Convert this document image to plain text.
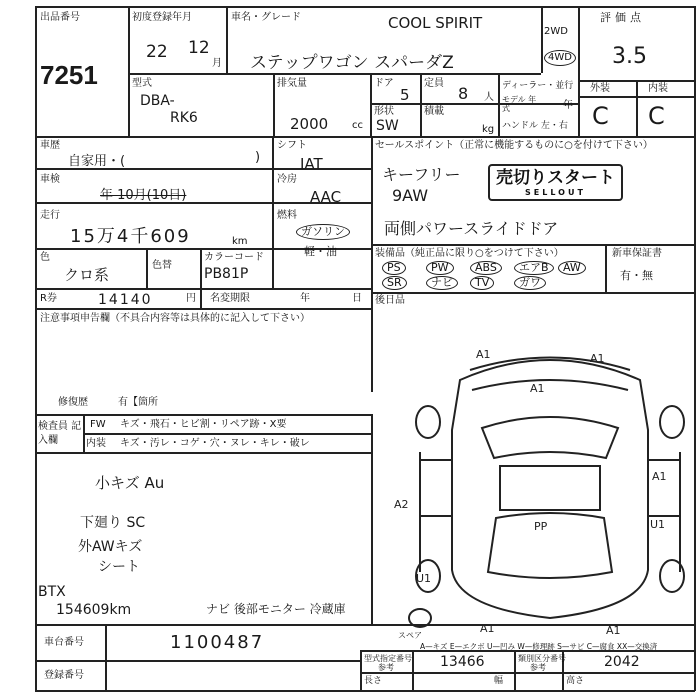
出品番号
7251
初度登録年月
22 12
月
車名・グレード	COOL SPIRIT
ステップワゴン スパーダZ
2WD
4WD
評価点
3.5
型式
DBA-
RK6
排気量
2000 cc
ドア
5
定員
8 人
ディーラー・並行
モデル 年式	年
形状
SW
積載
kg ハンドル 左・右
外装	内装
C C
車歴
自家用・(	)
シフト
IAT
車検
年 10月(10日)
冷房
AAC
走行
15万4千609	km
燃料
ガソリン
軽・油
色
クロ系
色替
カラーコード
PB81P
R券	14140	円 名変期限	年	日
セールスポイント（正常に機能するものに○を付けて下さい）
キーフリー
9AW
両側パワースライドドア
売切りスタート
SELLOUT
装備品（純正品に限り○をつけて下さい）	新車保証書
有・無
PS	PW	ABS	エアB	AW
SR	ナビ	TV	ガワ
後日品
注意事項申告欄（不具合内容等は具体的に記入して下さい）
修復歴	有【箇所
検査員 記入欄
FW キズ・飛石・ヒビ割・リペア跡・X要
内装 キズ・汚レ・コゲ・穴・ヌレ・キレ・破レ
小キズ Au
下廻り SC
外AWキズ
シート
BTX
154609km	ナビ 後部モニター 冷蔵庫
A1	A1
A1
A1
A2
U1
U1
A1	A1
PP
スペア
A—キズ E—エクボ U—凹み W—修理跡 S—サビ C—腐食 XX—交換済
車台番号	1100487
登録番号
型式指定番号
参考	13466	類別区分番号
参考	2042
長さ	幅	高さ
